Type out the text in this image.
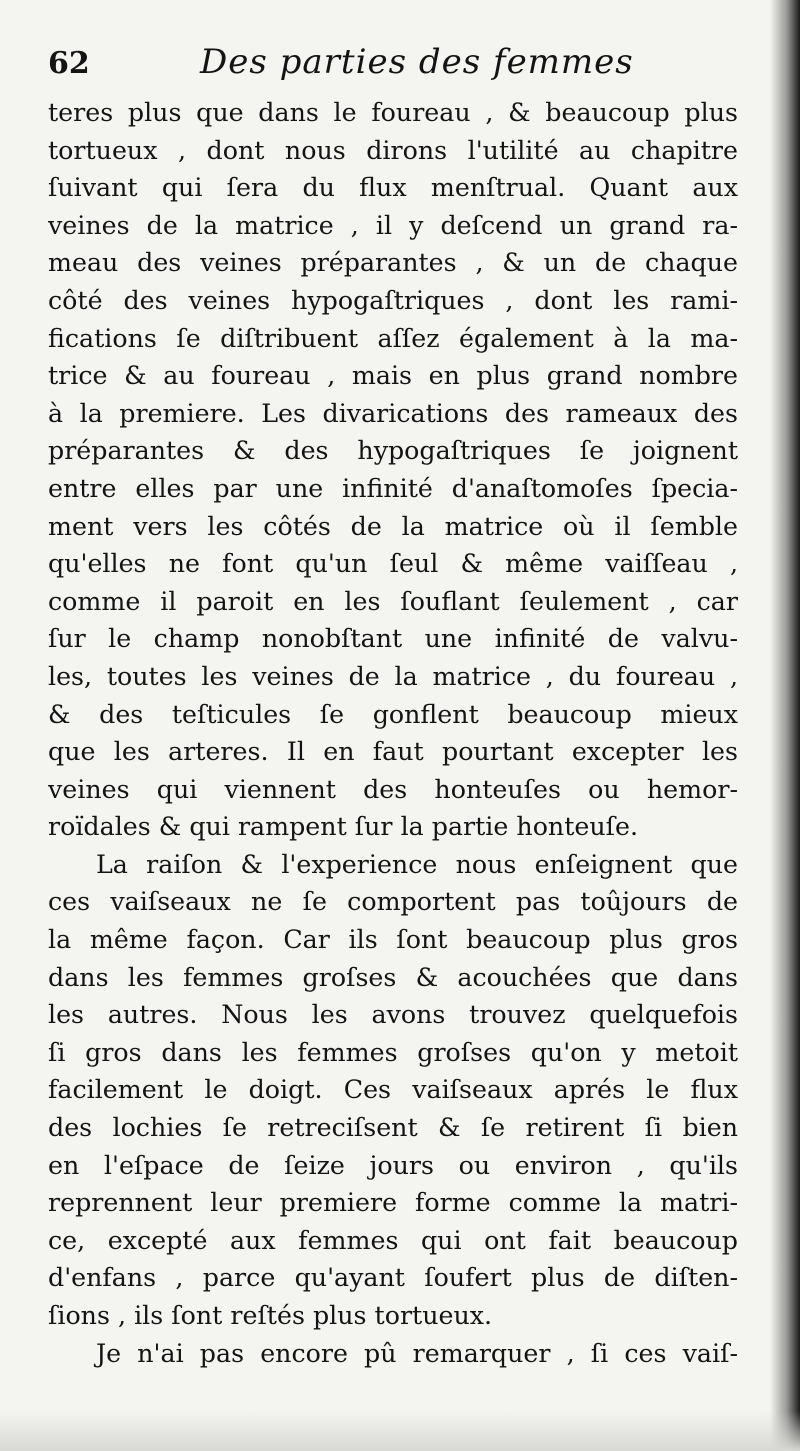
62	Des parties des femmes
teres plus que dans le foureau , & beaucoup plus
tortueux , dont nous dirons l'utilité au chapitre
ſuivant qui ſera du flux menſtrual. Quant aux
veines de la matrice , il y deſcend un grand ra-
meau des veines préparantes , & un de chaque
côté des veines hypogaſtriques , dont les rami-
fications ſe diſtribuent aſſez également à la ma-
trice & au foureau , mais en plus grand nombre
à la premiere. Les divarications des rameaux des
préparantes & des hypogaſtriques ſe joignent
entre elles par une infinité d'anaſtomoſes ſpecia-
ment vers les côtés de la matrice où il ſemble
qu'elles ne font qu'un ſeul & même vaiſſeau ,
comme il paroit en les ſouflant ſeulement , car
ſur le champ nonobſtant une infinité de valvu-
les, toutes les veines de la matrice , du foureau ,
& des teſticules ſe gonflent beaucoup mieux
que les arteres. Il en faut pourtant excepter les
veines qui viennent des honteuſes ou hemor-
roïdales & qui rampent ſur la partie honteuſe.
La raiſon & l'experience nous enſeignent que
ces vaiſseaux ne ſe comportent pas toûjours de
la même façon. Car ils ſont beaucoup plus gros
dans les femmes groſses & acouchées que dans
les autres. Nous les avons trouvez quelquefois
ſi gros dans les femmes groſses qu'on y metoit
facilement le doigt. Ces vaiſseaux aprés le flux
des lochies ſe retreciſsent & ſe retirent ſi bien
en l'eſpace de ſeize jours ou environ , qu'ils
reprennent leur premiere forme comme la matri-
ce, excepté aux femmes qui ont fait beaucoup
d'enfans , parce qu'ayant ſoufert plus de diſten-
ſions , ils ſont reſtés plus tortueux.
Je n'ai pas encore pû remarquer , ſi ces vaiſ-
